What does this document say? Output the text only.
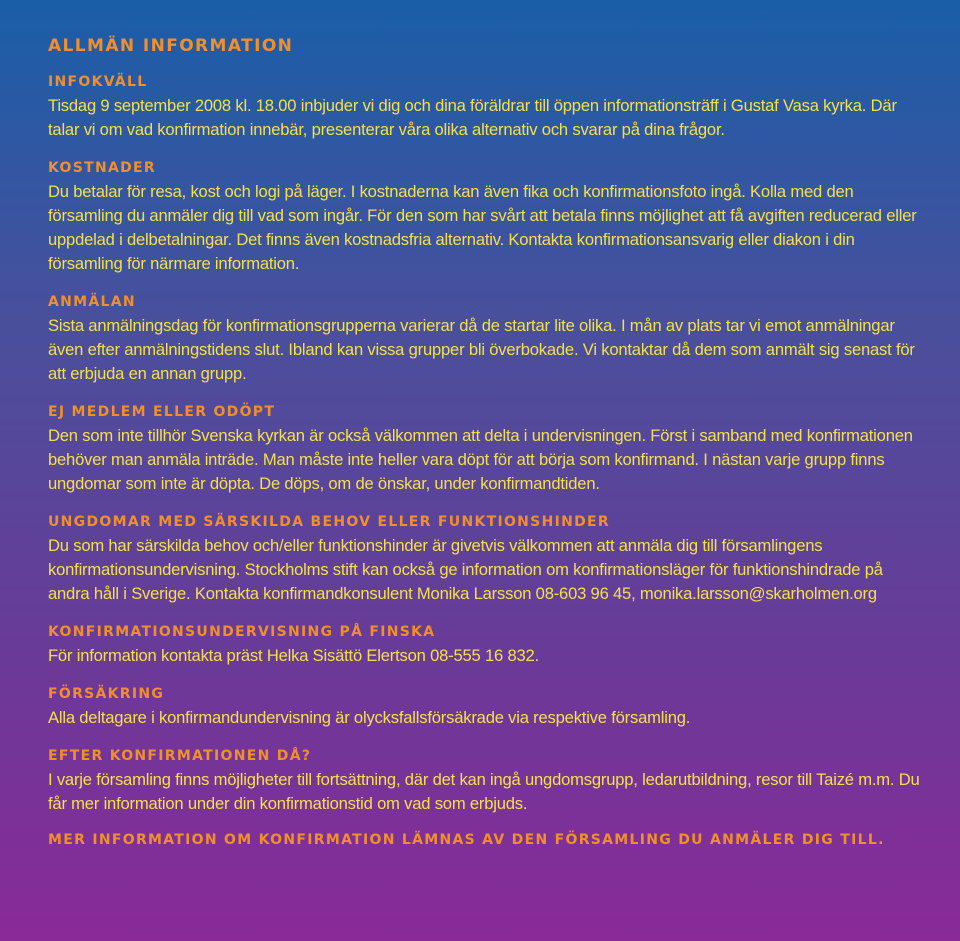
ALLMÄN INFORMATION
INFOKVÄLL

Tisdag 9 september 2008 kl. 18.00 inbjuder vi dig och dina föräldrar till öppen informationsträff i Gustaf Vasa kyrka. Där talar vi om vad konfirmation innebär, presenterar våra olika alternativ och svarar på dina frågor.

KOSTNADER

Du betalar för resa, kost och logi på läger. I kostnaderna kan även fika och konfirmationsfoto ingå. Kolla med den församling du anmäler dig till vad som ingår. För den som har svårt att betala finns möjlighet att få avgiften reducerad eller uppdelad i delbetalningar. Det finns även kostnadsfria alternativ. Kontakta konfirmationsansvarig eller diakon i din församling för närmare information.

ANMÄLAN

Sista anmälningsdag för konfirmationsgrupperna varierar då de startar lite olika. I mån av plats tar vi emot anmälningar även efter anmälningstidens slut. Ibland kan vissa grupper bli överbokade. Vi kontaktar då dem som anmält sig senast för att erbjuda en annan grupp.

EJ MEDLEM ELLER ODÖPT

Den som inte tillhör Svenska kyrkan är också välkommen att delta i undervisningen. Först i samband med konfirmationen behöver man anmäla inträde. Man måste inte heller vara döpt för att börja som konfirmand. I nästan varje grupp finns ungdomar som inte är döpta. De döps, om de önskar, under konfirmandtiden.

UNGDOMAR MED SÄRSKILDA BEHOV ELLER FUNKTIONSHINDER

Du som har särskilda behov och/eller funktionshinder är givetvis välkommen att anmäla dig till församlingens konfirmationsundervisning. Stockholms stift kan också ge information om konfirmationsläger för funktionshindrade på andra håll i Sverige. Kontakta konfirmandkonsulent Monika Larsson 08-603 96 45, monika.larsson@skarholmen.org

KONFIRMATIONSUNDERVISNING PÅ FINSKA

För information kontakta präst Helka Sisättö Elertson 08-555 16 832.

FÖRSÄKRING

Alla deltagare i konfirmandundervisning är olycksfallsförsäkrade via respektive församling.

EFTER KONFIRMATIONEN DÅ?

I varje församling finns möjligheter till fortsättning, där det kan ingå ungdomsgrupp, ledarutbildning, resor till Taizé m.m. Du får mer information under din konfirmationstid om vad som erbjuds.

MER INFORMATION OM KONFIRMATION LÄMNAS AV DEN FÖRSAMLING DU ANMÄLER DIG TILL.
